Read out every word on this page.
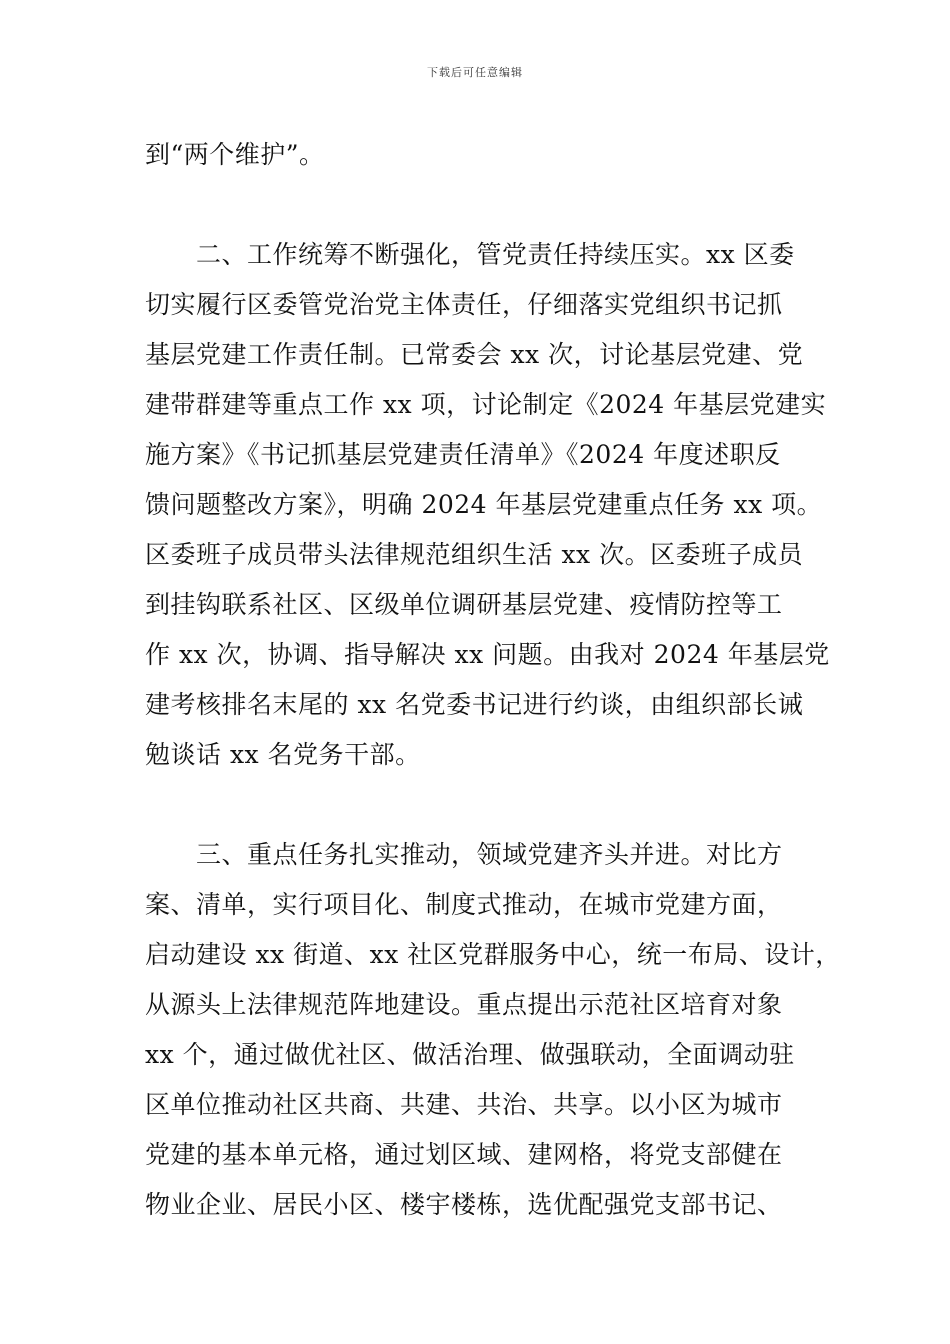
下载后可任意编辑
到“两个维护”。
　　二、工作统筹不断强化，管党责任持续压实。xx 区委
切实履行区委管党治党主体责任，仔细落实党组织书记抓
基层党建工作责任制。已常委会 xx 次，讨论基层党建、党
建带群建等重点工作 xx 项，讨论制定《2024 年基层党建实
施方案》《书记抓基层党建责任清单》《2024 年度述职反
馈问题整改方案》，明确 2024 年基层党建重点任务 xx 项。
区委班子成员带头法律规范组织生活 xx 次。区委班子成员
到挂钩联系社区、区级单位调研基层党建、疫情防控等工
作 xx 次，协调、指导解决 xx 问题。由我对 2024 年基层党
建考核排名末尾的 xx 名党委书记进行约谈，由组织部长诫
勉谈话 xx 名党务干部。
　　三、重点任务扎实推动，领域党建齐头并进。对比方
案、清单，实行项目化、制度式推动，在城市党建方面，
启动建设 xx 街道、xx 社区党群服务中心，统一布局、设计，
从源头上法律规范阵地建设。重点提出示范社区培育对象
xx 个，通过做优社区、做活治理、做强联动，全面调动驻
区单位推动社区共商、共建、共治、共享。以小区为城市
党建的基本单元格，通过划区域、建网格，将党支部健在
物业企业、居民小区、楼宇楼栋，选优配强党支部书记、
